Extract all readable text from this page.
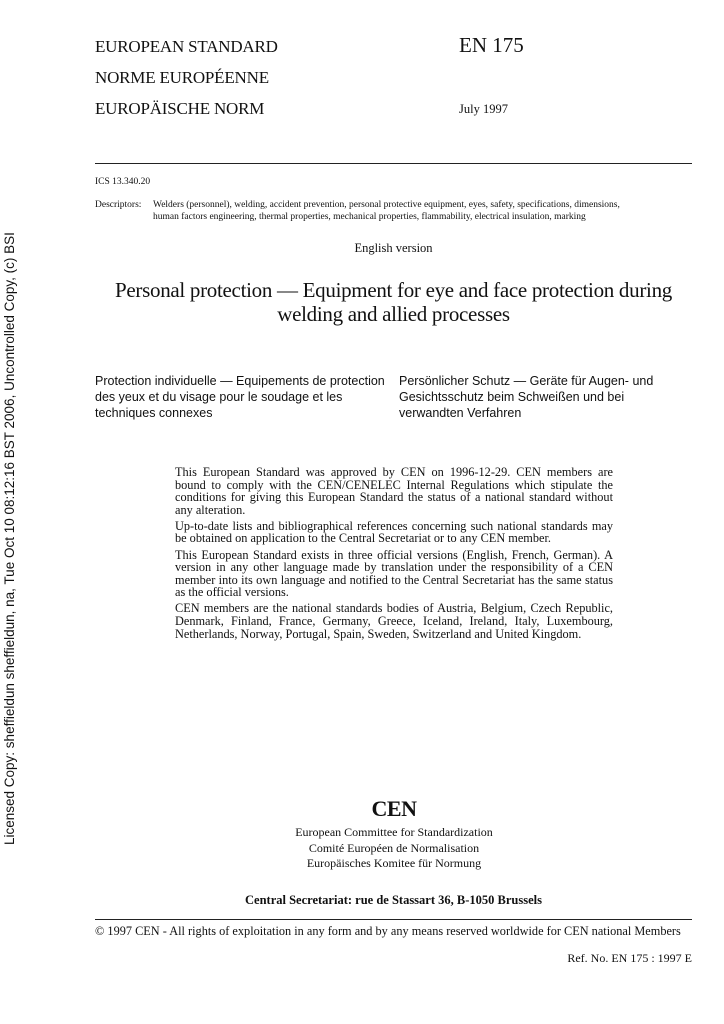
Licensed Copy: sheffieldun sheffieldun, na, Tue Oct 10 08:12:16 BST 2006, Uncontrolled Copy, (c) BSI
EUROPEAN STANDARD
NORME EUROPÉENNE
EUROPÄISCHE NORM
EN 175
July 1997
ICS 13.340.20
Descriptors: Welders (personnel), welding, accident prevention, personal protective equipment, eyes, safety, specifications, dimensions,
human factors engineering, thermal properties, mechanical properties, flammability, electrical insulation, marking
English version
Personal protection — Equipment for eye and face protection during welding and allied processes
Protection individuelle — Equipements de protection des yeux et du visage pour le soudage et les techniques connexes
Persönlicher Schutz — Geräte für Augen- und Gesichtsschutz beim Schweißen und bei verwandten Verfahren

This European Standard was approved by CEN on 1996-12-29. CEN members are bound to comply with the CEN/CENELEC Internal Regulations which stipulate the conditions for giving this European Standard the status of a national standard without any alteration.

Up-to-date lists and bibliographical references concerning such national standards may be obtained on application to the Central Secretariat or to any CEN member.

This European Standard exists in three official versions (English, French, German). A version in any other language made by translation under the responsibility of a CEN member into its own language and notified to the Central Secretariat has the same status as the official versions.

CEN members are the national standards bodies of Austria, Belgium, Czech Republic, Denmark, Finland, France, Germany, Greece, Iceland, Ireland, Italy, Luxembourg, Netherlands, Norway, Portugal, Spain, Sweden, Switzerland and United Kingdom.

CEN
European Committee for Standardization
Comité Européen de Normalisation
Europäisches Komitee für Normung
Central Secretariat: rue de Stassart 36, B-1050 Brussels
© 1997 CEN - All rights of exploitation in any form and by any means reserved worldwide for CEN national Members
Ref. No. EN 175 : 1997 E
